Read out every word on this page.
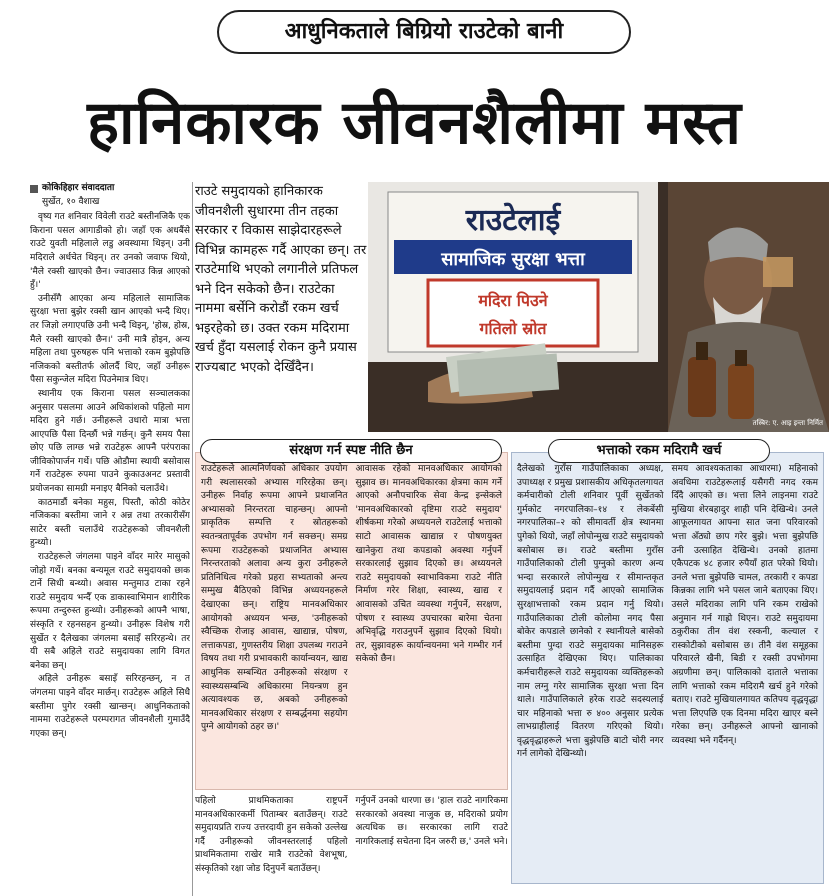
आधुनिकताले बिग्रियो राउटेको बानी
हानिकारक जीवनशैलीमा मस्त
कोकिहिहार संवाददाता
सुर्खेत, १० वैशाख

वृष्य गत शनिवार विवेली राउटे बस्तीनजिकै एक किराना पसल आगाडीको हो। जहाँ एक अधबैंसे राउटे युवती महिलाले लडु अवस्थामा थिइन्। उनी मदिराले अर्धचेत थिइन्। तर उनको जवाफ थियो, 'मैले रक्सी खाएको छैन। ज्वाउसाउ किन्न आएको हुँ।'

उनीसँगै आएका अन्य महिलाले सामाजिक सुरक्षा भत्ता बुझेर रक्सी खान आएको भन्दै थिए। तर जिज्ञो लगाएपछि उनी भन्दै थिइन्, 'होस्र, होस्र, मैले रक्सी खाएको छैन।' उनी मात्रै होइन, अन्य महिला तथा पुरुषहरू पनि भत्ताको रकम बुझेपछि नजिकको बस्तीतर्फ ओलर्दै थिए, जहाँ उनीहरू पैसा सकुन्जेल मदिरा पिउनेमात्र थिए।

स्थानीय एक किराना पसल सञ्चालकका अनुसार पसलमा आउने अधिकांशको पहिलो माग मदिरा हुने गर्छ। उनीहरूले उधारो मात्रा भत्ता आएपछि पैसा दिन्छौं भन्ने गर्छन्। कुनै समय पैसा छोए पछि लाग्छ भन्ने राउटेहरू आफ्नै परंपराका जीविकोपार्जन गर्थे। पछि ओडौमा स्थायी बसोवास गर्ने राउटेहरू रुपमा पाउने कुकाउअनट प्रस्तावी प्रयोजनका सामग्री मनाइए बैनिको चलाउँथे।

काठमाडौं बनेका महुस, पिस्तौ, कोठी कोठेर नजिकका बस्तीमा जाने र अन्न तथा तरकारीसँग साटेर बस्ती चलाउँथे राउटेहरूको जीवनशैली हुन्थ्यो।

राउटेहरूले जंगलमा पाइने वाँदर मारेर मासुको जोहो गर्थे। बनका बन्यमूल राउटे समुदायको छाक टार्ने सिधी बन्थ्यो। अवास मन्तुमाउ टाका रहने राउटे समुदाय भन्दैँ एक डाकास्वाभिमान शारीरिक रूपमा तन्दुरुस्त हुन्थ्यो। उनीहरूको आफ्नै भाषा, संस्कृति र रहनसहन हुन्थ्यो। उनीहरू विशेष गरी सुर्खेत र दैलेखका जंगलमा बसाइँ सरिरहन्थे। तर यी सबै अहिले राउटे समुदायका लागि विगत बनेका छन्।

अहिले उनीहरू बसाइँ सरिरहन्छन्, न त जंगलमा पाइने वाँदर मार्छन्। राउटेहरू अहिले सिधै बस्तीमा पुगेर रक्सी खान्छन्। आधुनिकताको नाममा राउटेहरूले परम्परागत जीवनशैली गुमाउँदै गएका छन्।

राउटे समुदायको हानिकारक जीवनशैली सुधारमा तीन तहका सरकार र विकास साझेदारहरूले विभिन्न कामहरू गर्दै आएका छन्। तर राउटेमाथि भएको लगानीले प्रतिफल भने दिन सकेको छैन। राउटेका नाममा बर्सेनि करोडौं रकम खर्च भइरहेको छ। उक्त रकम मदिरामा खर्च हुँदा यसलाई रोकन कुनै प्रयास राज्यबाट भएको देखिँदैन।

राउटेलाई
सामाजिक सुरक्षा भत्ता
मदिरा पिउने
गतिलो स्रोत
तस्बिर: ए. आइ इन्ता निर्मित
राउटेहरूले आत्मनिर्णयको अधिकार उपयोग गरी स्थलासरको अभ्यास गरिरहेका छन्। उनीहरू निर्वाह रूपमा आफ्ने प्रथाजनित अभ्यासको निरन्तरता चाहन्छन्। आफ्नो प्राकृतिक सम्पत्ति र स्रोतहरूको स्वतन्त्रतापूर्वक उपभोग गर्न सक्छन्। समग्र रूपमा राउटेहरूको प्रथाजनित अभ्यास निरन्तरताको अलावा अन्य कुरा उनीहरूले प्रतिनिधित्व गरेको प्रहरा सभ्यताको अन्त्य सम्मुख बैठिएको विभिन्न अध्ययनहरूले देखाएका छन्। राष्ट्रिय मानवअधिकार आयोगको अध्ययन भन्छ, 'उनीहरूको स्वैच्छिक रोजाइ आवास, खाद्यान्न, पोषण, लत्ताकपडा, गुणस्तरीय शिक्षा उपलब्ध गराउने विषय तथा गरी प्रभावकारी कार्यान्वयन, खाद्य आधुनिक सम्बन्धित उनीहरूको संरक्षण र स्वास्थ्यसम्बन्धि अधिकारमा नियन्त्रण हुन अत्यावश्यक छ, अबको उनीहरूको मानवअधिकार संरक्षण र सम्बर्द्धनमा सहयोग पुग्ने आयोगको ठहर छ।'
आवासक रहेको मानवअधिकार आयोगको सुझाव छ। मानवअधिकारका क्षेत्रमा काम गर्ने आएको अनौपचारिक सेवा केन्द्र इन्सेकले 'मानवअधिकारको दृष्टिमा राउटे समुदाय' शीर्षकमा गरेको अध्ययनले राउटेलाई भत्ताको साटो आवासक खाद्यान्न र पोषणयुक्त खानेकुरा तथा कपडाको अवस्था गर्नुपर्ने सरकारलाई सुझाव दिएको छ। अध्ययनले राउटे समुदायको स्वाभाविकमा राउटे नीति निर्माण गरेर शिक्षा, स्वास्थ्य, खाद्य र आवासको उचित व्यवस्था गर्नुपर्ने, सरक्षण, पोषण र स्वास्थ्य उपचारका बारेमा चेतना अभिवृद्धि गराउनुपर्ने सुझाव दिएको थियो। तर, सुझावहरू कार्यान्वयनमा भने गम्भीर गर्न सकेको छैन।
दैलेखको गुराँस गाउँपालिकाका अध्यक्ष, उपाध्यक्ष र प्रमुख प्रशासकीय अधिकृतलगायत कर्मचारीको टोली शनिवार पूर्वी सुर्खेतको गुर्मकोट नगरपालिका–१४ र लेकबेंसी नगरपालिका–२ को सीमावर्ती क्षेत्र स्थानमा पुगेको थियो, जहाँ लोपोन्मुख राउटे समुदायको बसोबास छ। राउटे बस्तीमा गुराँस गाउँपालिकाको टोली पुग्नुको कारण अन्य भन्दा सरकारले लोपोन्मुख र सीमान्तकृत समुदायलाई प्रदान गर्दै आएको सामाजिक सुरक्षाभत्ताको रकम प्रदान गर्नु थियो। गाउँपालिकाका टोली कोलोमा नगद पैसा बोकेर कपडाले छानेको र स्थानीयले बासेको बस्तीमा पुग्दा राउटे समुदायका मानिसहरू उत्साहित देखिएका थिए। पालिकाका कर्मचारीहरूले राउटे समुदायका व्यक्तिहरूको नाम लग्नु गरेर सामाजिक सुरक्षा भत्ता दिन थाले। गाउँपालिकाले हरेक राउटे सदस्यलाई चार महिनाको भत्ता रु ४०० अनुसार प्रत्येक लाभग्राहीलाई वितरण गरिएको थियो। वृद्धवृद्धाहरूले भत्ता बुझेपछि बाटो चोरी नगर गर्न लागेको देखिन्थ्यो।
समय आवश्यकताका आधारमा) महिनाको अवधिमा राउटेहरूलाई यसैगरी नगद रकम दिँदै आएको छ। भत्ता लिने लाइनमा राउटे मुखिया शेरबहादुर शाही पनि देखिन्थे। उनले आफूलगायत आफ्ना सात जना परिवारको भत्ता अँठ्यो छाप गरेर बुझे। भत्ता बुझेपछि उनी उत्साहित देखिन्थे। उनको हातमा एकैपटक ४८ हजार रुपैयाँ हात परेको थियो। उनले भत्ता बुझेपछि चामल, तरकारी र कपडा किन्नका लागि भने पसल जाने बताएका थिए। उसले मदिराका लागि पनि रकम राखेको अनुमान गर्न गाह्रो थिएन। राउटे समुदायमा ठकुरीका तीन वंश रस्कनी, कल्याल र रास्कोटीको बसोबास छ। तीनै वंश समूहका परिवारले खैनी, बिडी र रक्सी उपभोगमा अग्रणीमा छन्। पालिकाको दाताले भत्ताका लागि भत्ताको रकम मदिरामै खर्च हुने गरेको बताए। राउटे मुखियालगायत कतिपय वृद्धवृद्धा भत्ता लिएपछि एक दिनमा मदिरा खाएर बस्ने गरेका छन्। उनीहरूले आफ्नो खानाको व्यवस्था भने गर्दैनन्।
पहिलो प्राथमिकताका राष्ट्रपर्ने मानवअधिकारकर्मी पिताम्बर बताउँछन्। राउटे समुदायप्रति राज्य उत्तरदायी हुन सकेको उल्लेख गर्दै उनीहरूको जीवनस्तरलाई पहिलो प्राथमिकतामा राखेर मात्रै राउटेको वेशभूषा, संस्कृतिको रक्षा जोड दिनुपर्ने बताउँछन्।
गर्नुपर्ने उनको धारणा छ। 'हाल राउटे नागरिकमा सरकारको अवस्था नाजुक छ, मदिराको प्रयोग अत्यधिक छ। सरकारका लागि राउटे नागरिकलाई सचेतना दिन जरुरी छ,' उनले भने।
संरक्षण गर्न स्पष्ट नीति छैन	भत्ताको रकम मदिरामै खर्च
